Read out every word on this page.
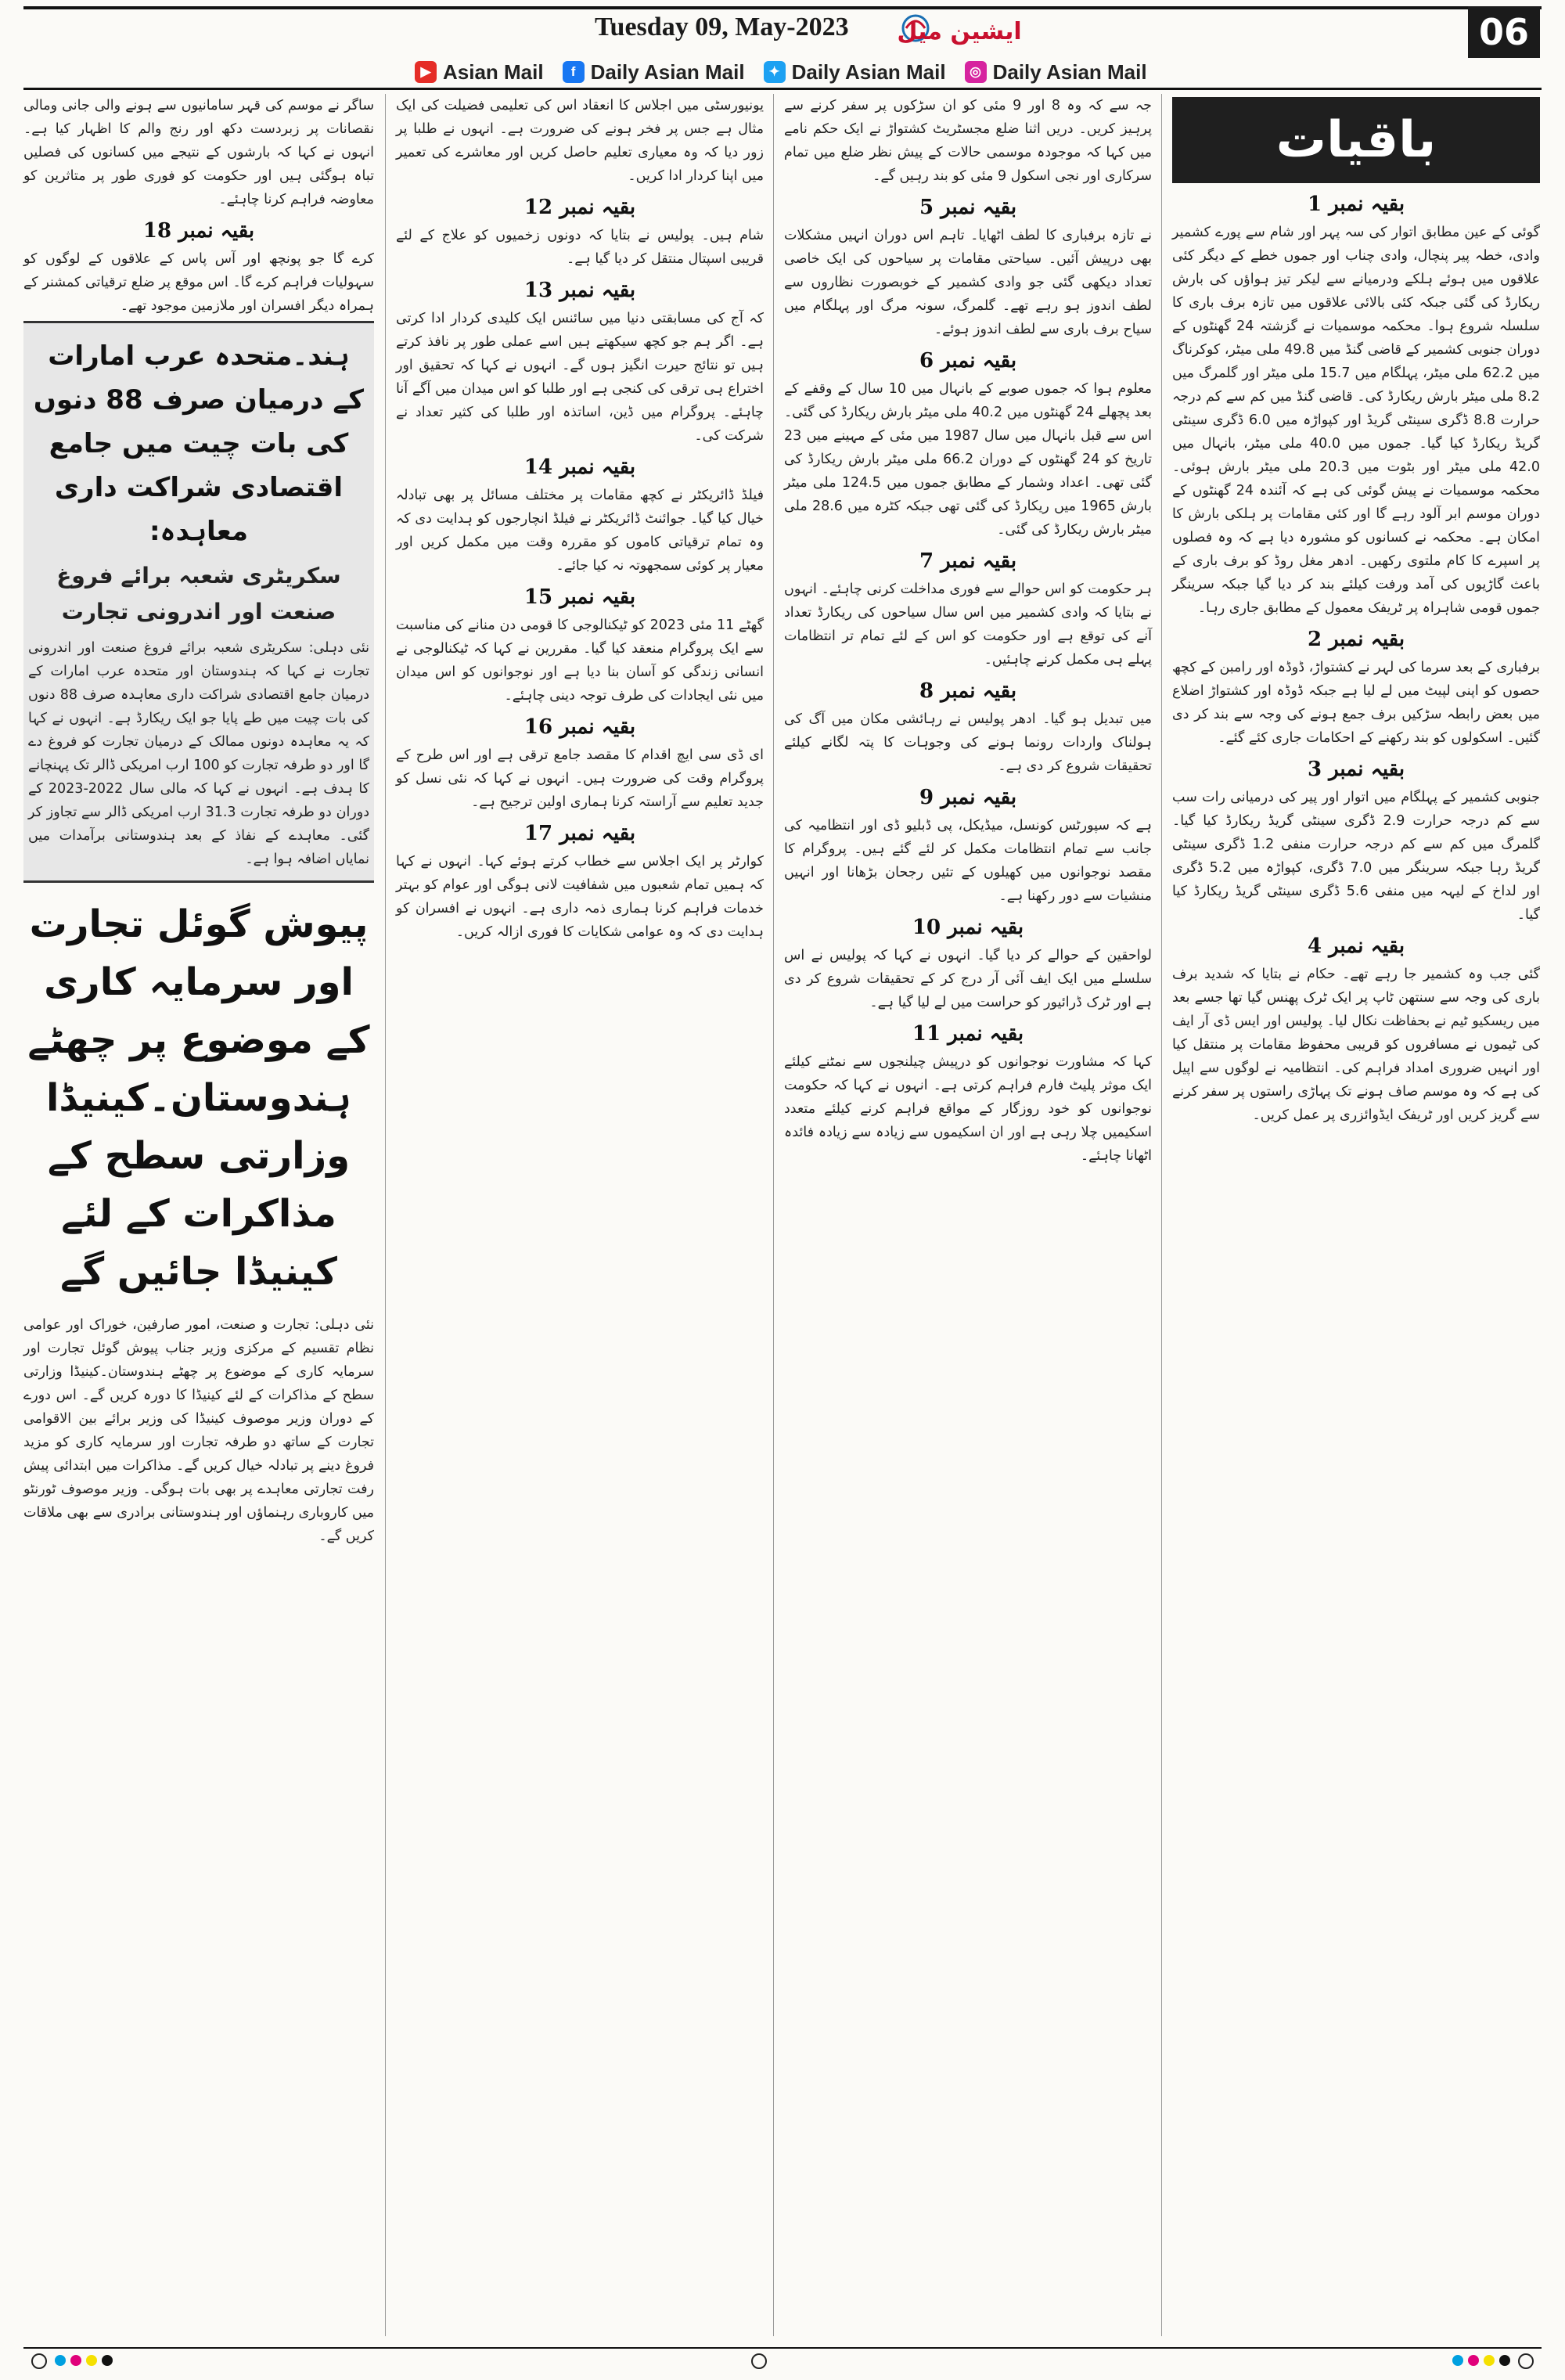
06
Tuesday 09, May-2023 ایشین میل
▶ Asian Mail	f Daily Asian Mail	✦ Daily Asian Mail	◎ Daily Asian Mail
باقیات
بقیہ نمبر 1

گوئی کے عین مطابق اتوار کی سہ پہر اور شام سے پورے کشمیر وادی، خطہ پیر پنچال، وادی چناب اور جموں خطے کے دیگر کئی علاقوں میں ہوئے ہلکے ودرمیانے سے لیکر تیز ہواؤں کی بارش ریکارڈ کی گئی جبکہ کئی بالائی علاقوں میں تازہ برف باری کا سلسلہ شروع ہوا۔ محکمہ موسمیات نے گزشتہ 24 گھنٹوں کے دوران جنوبی کشمیر کے قاضی گنڈ میں 49.8 ملی میٹر، کوکرناگ میں 62.2 ملی میٹر، پہلگام میں 15.7 ملی میٹر اور گلمرگ میں 8.2 ملی میٹر بارش ریکارڈ کی۔ قاضی گنڈ میں کم سے کم درجہ حرارت 8.8 ڈگری سینٹی گریڈ اور کپواڑہ میں 6.0 ڈگری سینٹی گریڈ ریکارڈ کیا گیا۔ جموں میں 40.0 ملی میٹر، بانہال میں 42.0 ملی میٹر اور بٹوت میں 20.3 ملی میٹر بارش ہوئی۔ محکمہ موسمیات نے پیش گوئی کی ہے کہ آئندہ 24 گھنٹوں کے دوران موسم ابر آلود رہے گا اور کئی مقامات پر ہلکی بارش کا امکان ہے۔ محکمہ نے کسانوں کو مشورہ دیا ہے کہ وہ فصلوں پر اسپرے کا کام ملتوی رکھیں۔ ادھر مغل روڈ کو برف باری کے باعث گاڑیوں کی آمد ورفت کیلئے بند کر دیا گیا جبکہ سرینگر جموں قومی شاہراہ پر ٹریفک معمول کے مطابق جاری رہا۔

بقیہ نمبر 2

برفباری کے بعد سرما کی لہر نے کشتواڑ، ڈوڈہ اور رامبن کے کچھ حصوں کو اپنی لپیٹ میں لے لیا ہے جبکہ ڈوڈہ اور کشتواڑ اضلاع میں بعض رابطہ سڑکیں برف جمع ہونے کی وجہ سے بند کر دی گئیں۔ اسکولوں کو بند رکھنے کے احکامات جاری کئے گئے۔

بقیہ نمبر 3

جنوبی کشمیر کے پہلگام میں اتوار اور پیر کی درمیانی رات سب سے کم درجہ حرارت 2.9 ڈگری سینٹی گریڈ ریکارڈ کیا گیا۔ گلمرگ میں کم سے کم درجہ حرارت منفی 1.2 ڈگری سینٹی گریڈ رہا جبکہ سرینگر میں 7.0 ڈگری، کپواڑہ میں 5.2 ڈگری اور لداخ کے لیہہ میں منفی 5.6 ڈگری سینٹی گریڈ ریکارڈ کیا گیا۔

بقیہ نمبر 4

گئی جب وہ کشمیر جا رہے تھے۔ حکام نے بتایا کہ شدید برف باری کی وجہ سے سنتھن ٹاپ پر ایک ٹرک پھنس گیا تھا جسے بعد میں ریسکیو ٹیم نے بحفاظت نکال لیا۔ پولیس اور ایس ڈی آر ایف کی ٹیموں نے مسافروں کو قریبی محفوظ مقامات پر منتقل کیا اور انہیں ضروری امداد فراہم کی۔ انتظامیہ نے لوگوں سے اپیل کی ہے کہ وہ موسم صاف ہونے تک پہاڑی راستوں پر سفر کرنے سے گریز کریں اور ٹریفک ایڈوائزری پر عمل کریں۔

جہ سے کہ وہ 8 اور 9 مئی کو ان سڑکوں پر سفر کرنے سے پرہیز کریں۔ دریں اثنا ضلع مجسٹریٹ کشتواڑ نے ایک حکم نامے میں کہا کہ موجودہ موسمی حالات کے پیش نظر ضلع میں تمام سرکاری اور نجی اسکول 9 مئی کو بند رہیں گے۔

بقیہ نمبر 5

نے تازہ برفباری کا لطف اٹھایا۔ تاہم اس دوران انہیں مشکلات بھی درپیش آئیں۔ سیاحتی مقامات پر سیاحوں کی ایک خاصی تعداد دیکھی گئی جو وادی کشمیر کے خوبصورت نظاروں سے لطف اندوز ہو رہے تھے۔ گلمرگ، سونہ مرگ اور پہلگام میں سیاح برف باری سے لطف اندوز ہوئے۔

بقیہ نمبر 6

معلوم ہوا کہ جموں صوبے کے بانہال میں 10 سال کے وقفے کے بعد پچھلے 24 گھنٹوں میں 40.2 ملی میٹر بارش ریکارڈ کی گئی۔ اس سے قبل بانہال میں سال 1987 میں مئی کے مہینے میں 23 تاریخ کو 24 گھنٹوں کے دوران 66.2 ملی میٹر بارش ریکارڈ کی گئی تھی۔ اعداد وشمار کے مطابق جموں میں 124.5 ملی میٹر بارش 1965 میں ریکارڈ کی گئی تھی جبکہ کٹرہ میں 28.6 ملی میٹر بارش ریکارڈ کی گئی۔

بقیہ نمبر 7

ہر حکومت کو اس حوالے سے فوری مداخلت کرنی چاہئے۔ انہوں نے بتایا کہ وادی کشمیر میں اس سال سیاحوں کی ریکارڈ تعداد آنے کی توقع ہے اور حکومت کو اس کے لئے تمام تر انتظامات پہلے ہی مکمل کرنے چاہئیں۔

بقیہ نمبر 8

میں تبدیل ہو گیا۔ ادھر پولیس نے رہائشی مکان میں آگ کی ہولناک واردات رونما ہونے کی وجوہات کا پتہ لگانے کیلئے تحقیقات شروع کر دی ہے۔

بقیہ نمبر 9

ہے کہ سپورٹس کونسل، میڈیکل، پی ڈبلیو ڈی اور انتظامیہ کی جانب سے تمام انتظامات مکمل کر لئے گئے ہیں۔ پروگرام کا مقصد نوجوانوں میں کھیلوں کے تئیں رجحان بڑھانا اور انہیں منشیات سے دور رکھنا ہے۔

بقیہ نمبر 10

لواحقین کے حوالے کر دیا گیا۔ انہوں نے کہا کہ پولیس نے اس سلسلے میں ایک ایف آئی آر درج کر کے تحقیقات شروع کر دی ہے اور ٹرک ڈرائیور کو حراست میں لے لیا گیا ہے۔

بقیہ نمبر 11

کہا کہ مشاورت نوجوانوں کو درپیش چیلنجوں سے نمٹنے کیلئے ایک موثر پلیٹ فارم فراہم کرتی ہے۔ انہوں نے کہا کہ حکومت نوجوانوں کو خود روزگار کے مواقع فراہم کرنے کیلئے متعدد اسکیمیں چلا رہی ہے اور ان اسکیموں سے زیادہ سے زیادہ فائدہ اٹھانا چاہئے۔

یونیورسٹی میں اجلاس کا انعقاد اس کی تعلیمی فضیلت کی ایک مثال ہے جس پر فخر ہونے کی ضرورت ہے۔ انہوں نے طلبا پر زور دیا کہ وہ معیاری تعلیم حاصل کریں اور معاشرے کی تعمیر میں اپنا کردار ادا کریں۔

بقیہ نمبر 12

شام ہیں۔ پولیس نے بتایا کہ دونوں زخمیوں کو علاج کے لئے قریبی اسپتال منتقل کر دیا گیا ہے۔

بقیہ نمبر 13

کہ آج کی مسابقتی دنیا میں سائنس ایک کلیدی کردار ادا کرتی ہے۔ اگر ہم جو کچھ سیکھتے ہیں اسے عملی طور پر نافذ کرتے ہیں تو نتائج حیرت انگیز ہوں گے۔ انہوں نے کہا کہ تحقیق اور اختراع ہی ترقی کی کنجی ہے اور طلبا کو اس میدان میں آگے آنا چاہئے۔ پروگرام میں ڈین، اساتذہ اور طلبا کی کثیر تعداد نے شرکت کی۔

بقیہ نمبر 14

فیلڈ ڈائریکٹر نے کچھ مقامات پر مختلف مسائل پر بھی تبادلہ خیال کیا گیا۔ جوائنٹ ڈائریکٹر نے فیلڈ انچارجوں کو ہدایت دی کہ وہ تمام ترقیاتی کاموں کو مقررہ وقت میں مکمل کریں اور معیار پر کوئی سمجھوتہ نہ کیا جائے۔

بقیہ نمبر 15

گھٹے 11 مئی 2023 کو ٹیکنالوجی کا قومی دن منانے کی مناسبت سے ایک پروگرام منعقد کیا گیا۔ مقررین نے کہا کہ ٹیکنالوجی نے انسانی زندگی کو آسان بنا دیا ہے اور نوجوانوں کو اس میدان میں نئی ایجادات کی طرف توجہ دینی چاہئے۔

بقیہ نمبر 16

ای ڈی سی ایچ اقدام کا مقصد جامع ترقی ہے اور اس طرح کے پروگرام وقت کی ضرورت ہیں۔ انہوں نے کہا کہ نئی نسل کو جدید تعلیم سے آراستہ کرنا ہماری اولین ترجیح ہے۔

بقیہ نمبر 17

کوارٹر پر ایک اجلاس سے خطاب کرتے ہوئے کہا۔ انہوں نے کہا کہ ہمیں تمام شعبوں میں شفافیت لانی ہوگی اور عوام کو بہتر خدمات فراہم کرنا ہماری ذمہ داری ہے۔ انہوں نے افسران کو ہدایت دی کہ وہ عوامی شکایات کا فوری ازالہ کریں۔

ساگر نے موسم کی قہر سامانیوں سے ہونے والی جانی ومالی نقصانات پر زبردست دکھ اور رنج والم کا اظہار کیا ہے۔ انہوں نے کہا کہ بارشوں کے نتیجے میں کسانوں کی فصلیں تباہ ہوگئی ہیں اور حکومت کو فوری طور پر متاثرین کو معاوضہ فراہم کرنا چاہئے۔

بقیہ نمبر 18

کرے گا جو پونچھ اور آس پاس کے علاقوں کے لوگوں کو سہولیات فراہم کرے گا۔ اس موقع پر ضلع ترقیاتی کمشنر کے ہمراہ دیگر افسران اور ملازمین موجود تھے۔

ہند۔متحدہ عرب امارات کے درمیان صرف 88 دنوں کی بات چیت میں جامع اقتصادی شراکت داری معاہدہ:
سکریٹری شعبہ برائے فروغ صنعت اور اندرونی تجارت

نئی دہلی: سکریٹری شعبہ برائے فروغ صنعت اور اندرونی تجارت نے کہا کہ ہندوستان اور متحدہ عرب امارات کے درمیان جامع اقتصادی شراکت داری معاہدہ صرف 88 دنوں کی بات چیت میں طے پایا جو ایک ریکارڈ ہے۔ انہوں نے کہا کہ یہ معاہدہ دونوں ممالک کے درمیان تجارت کو فروغ دے گا اور دو طرفہ تجارت کو 100 ارب امریکی ڈالر تک پہنچانے کا ہدف ہے۔ انہوں نے کہا کہ مالی سال 2022-2023 کے دوران دو طرفہ تجارت 31.3 ارب امریکی ڈالر سے تجاوز کر گئی۔ معاہدے کے نفاذ کے بعد ہندوستانی برآمدات میں نمایاں اضافہ ہوا ہے۔

پیوش گوئل تجارت اور سرمایہ کاری کے موضوع پر چھٹے ہندوستان۔کینیڈا وزارتی سطح کے مذاکرات کے لئے کینیڈا جائیں گے

نئی دہلی: تجارت و صنعت، امور صارفین، خوراک اور عوامی نظام تقسیم کے مرکزی وزیر جناب پیوش گوئل تجارت اور سرمایہ کاری کے موضوع پر چھٹے ہندوستان۔کینیڈا وزارتی سطح کے مذاکرات کے لئے کینیڈا کا دورہ کریں گے۔ اس دورے کے دوران وزیر موصوف کینیڈا کی وزیر برائے بین الاقوامی تجارت کے ساتھ دو طرفہ تجارت اور سرمایہ کاری کو مزید فروغ دینے پر تبادلہ خیال کریں گے۔ مذاکرات میں ابتدائی پیش رفت تجارتی معاہدے پر بھی بات ہوگی۔ وزیر موصوف ٹورنٹو میں کاروباری رہنماؤں اور ہندوستانی برادری سے بھی ملاقات کریں گے۔
